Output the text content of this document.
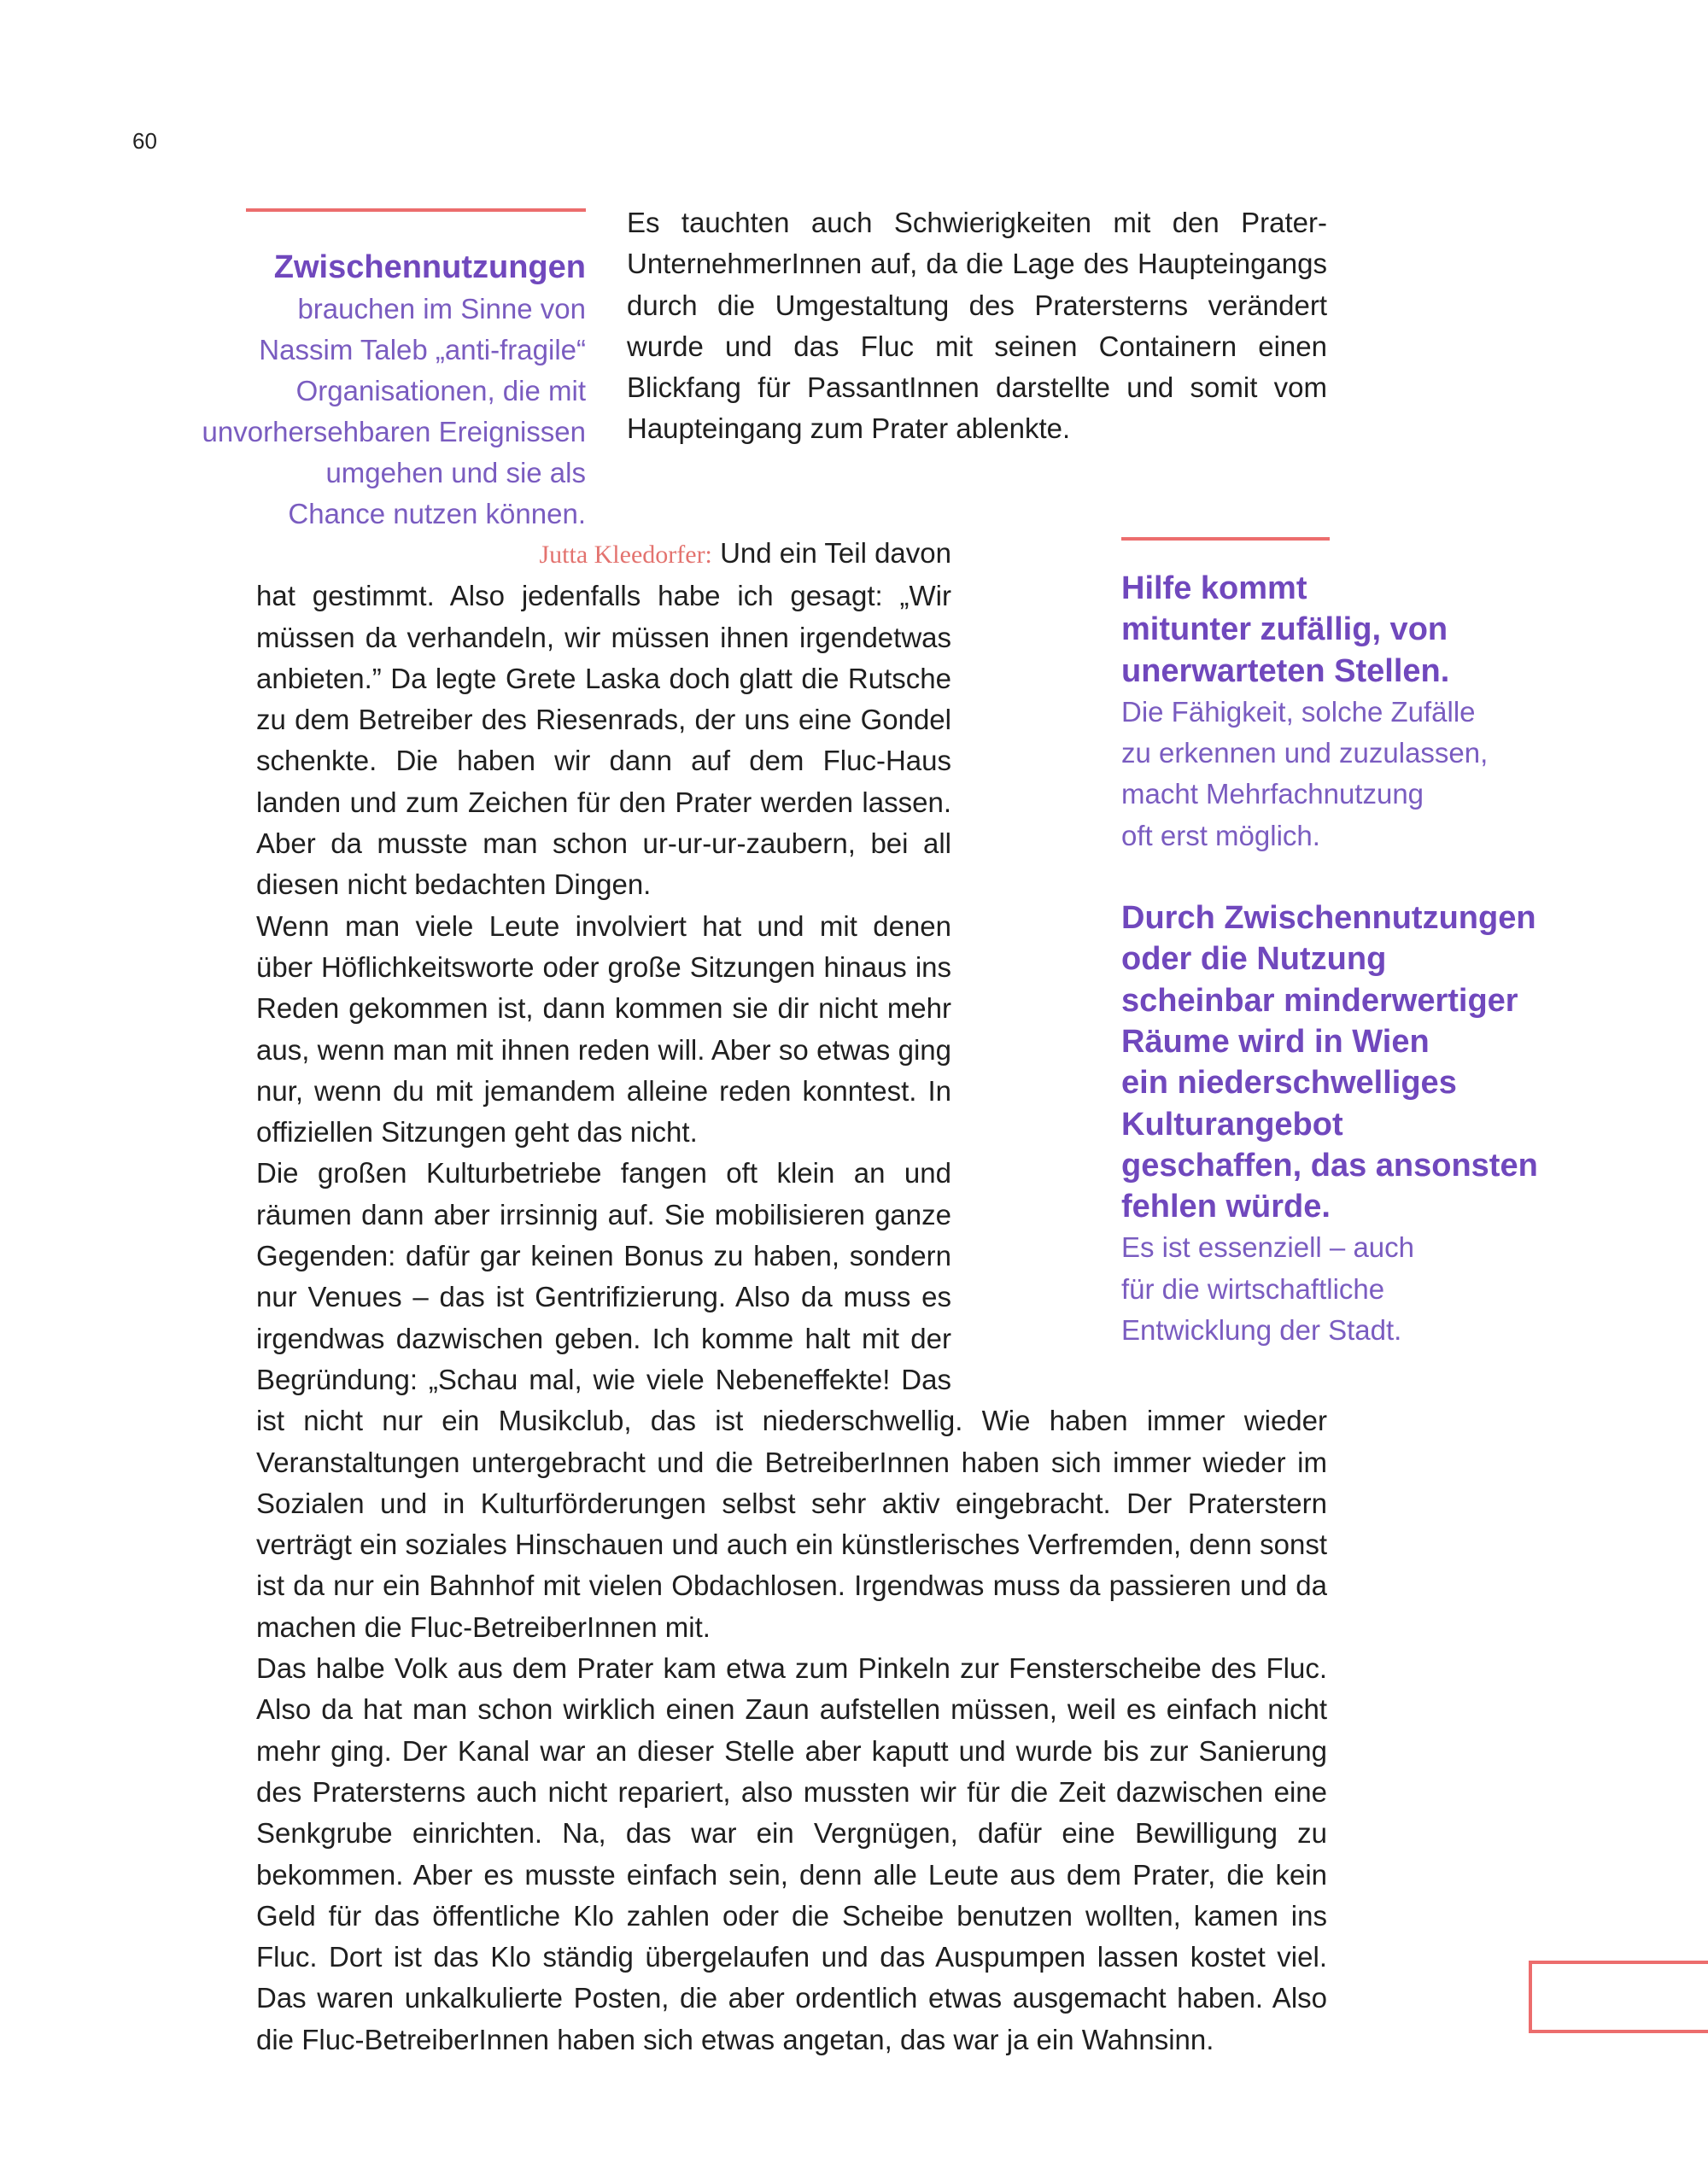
60
Zwischennutzungen
brauchen im Sinne von
Nassim Taleb „anti-fragile“
Organisationen, die mit
unvorhersehbaren Ereignissen
umgehen und sie als
Chance nutzen können.

Es tauchten auch Schwierigkeiten mit den Prater-UnternehmerInnen auf, da die Lage des Haupteingangs durch die Umgestaltung des Pratersterns verändert wurde und das Fluc mit seinen Containern einen Blickfang für PassantInnen darstellte und somit vom Haupteingang zum Prater ablenkte.

Jutta Kleedorfer: Und ein Teil davon

hat gestimmt. Also jedenfalls habe ich gesagt: „Wir müssen da verhandeln, wir müssen ihnen irgendetwas anbieten.” Da legte Grete Laska doch glatt die Rutsche zu dem Betreiber des Riesenrads, der uns eine Gondel schenkte. Die haben wir dann auf dem Fluc-Haus landen und zum Zeichen für den Prater werden lassen. Aber da musste man schon ur-ur-ur-zaubern, bei all diesen nicht bedachten Dingen.

Wenn man viele Leute involviert hat und mit denen über Höflichkeitsworte oder große Sitzungen hinaus ins Reden gekommen ist, dann kommen sie dir nicht mehr aus, wenn man mit ihnen reden will. Aber so etwas ging nur, wenn du mit jemandem alleine reden konntest. In offiziellen Sitzungen geht das nicht.

Die großen Kulturbetriebe fangen oft klein an und räumen dann aber irrsinnig auf. Sie mobilisieren ganze Gegenden: dafür gar keinen Bonus zu haben, sondern nur Venues – das ist Gentrifizierung. Also da muss es irgendwas dazwischen geben. Ich komme halt mit der Begründung: „Schau mal, wie viele Nebeneffekte! Das ist nicht nur ein Musikclub, das ist niederschwellig. Wie haben immer wieder Veranstaltungen untergebracht und die BetreiberInnen haben sich immer wieder im Sozialen und in Kulturförderungen selbst sehr aktiv eingebracht. Der Praterstern verträgt ein soziales Hinschauen und auch ein künstlerisches Verfremden, denn sonst ist da nur ein Bahnhof mit vielen Obdachlosen. Irgendwas muss da passieren und da machen die Fluc-BetreiberInnen mit.

Das halbe Volk aus dem Prater kam etwa zum Pinkeln zur Fensterscheibe des Fluc. Also da hat man schon wirklich einen Zaun aufstellen müssen, weil es einfach nicht mehr ging. Der Kanal war an dieser Stelle aber kaputt und wurde bis zur Sanierung des Pratersterns auch nicht repariert, also mussten wir für die Zeit dazwischen eine Senkgrube einrichten. Na, das war ein Vergnügen, dafür eine Bewilligung zu bekommen. Aber es musste einfach sein, denn alle Leute aus dem Prater, die kein Geld für das öffentliche Klo zahlen oder die Scheibe benutzen wollten, kamen ins Fluc. Dort ist das Klo ständig übergelaufen und das Auspumpen lassen kostet viel. Das waren unkalkulierte Posten, die aber ordentlich etwas ausgemacht haben. Also die Fluc-BetreiberInnen haben sich etwas angetan, das war ja ein Wahnsinn.

Hilfe kommt
mitunter zufällig, von
unerwarteten Stellen.
Die Fähigkeit, solche Zufälle
zu erkennen und zuzulassen,
macht Mehrfachnutzung
oft erst möglich.
Durch Zwischennutzungen
oder die Nutzung
scheinbar minderwertiger
Räume wird in Wien
ein niederschwelliges
Kulturangebot
geschaffen, das ansonsten
fehlen würde.
Es ist essenziell – auch
für die wirtschaftliche
Entwicklung der Stadt.
